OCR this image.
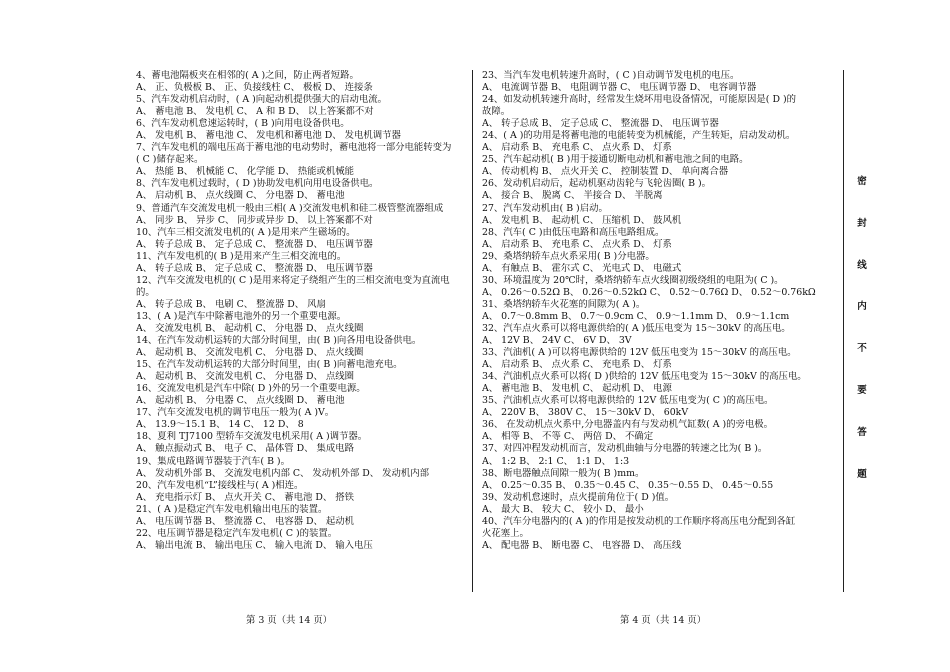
4、蓄电池隔板夹在相邻的( A )之间，防止两者短路。
A、 正、负极板 B、 正、负接线柱 C、 极板 D、 连接条
5、汽车发动机启动时，( A )向起动机提供强大的启动电流。
A、 蓄电池 B、 发电机 C、 A 和 B D、 以上答案都不对
6、汽车发动机怠速运转时，( B )向用电设备供电。
A、 发电机 B、 蓄电池 C、 发电机和蓄电池 D、 发电机调节器
7、汽车发电机的端电压高于蓄电池的电动势时，蓄电池将一部分电能转变为
( C )储存起来。
A、 热能 B、 机械能 C、 化学能 D、 热能或机械能
8、汽车发电机过载时，( D )协助发电机向用电设备供电。
A、 启动机 B、 点火线圈 C、 分电器 D、 蓄电池
9、普通汽车交流发电机一般由三相( A )交流发电机和硅二极管整流器组成
A、 同步 B、 异步 C、 同步或异步 D、 以上答案都不对
10、汽车三相交流发电机的( A )是用来产生磁场的。
A、 转子总成 B、 定子总成 C、 整流器 D、 电压调节器
11、汽车发电机的( B )是用来产生三相交流电的。
A、 转子总成 B、 定子总成 C、 整流器 D、 电压调节器
12、汽车交流发电机的( C )是用来将定子绕组产生的三相交流电变为直流电
的。
A、 转子总成 B、 电刷 C、 整流器 D、 风扇
13、( A )是汽车中除蓄电池外的另一个重要电源。
A、 交流发电机 B、 起动机 C、 分电器 D、 点火线圈
14、在汽车发动机运转的大部分时间里，由( B )向各用电设备供电。
A、 起动机 B、 交流发电机 C、 分电器 D、 点火线圈
15、在汽车发动机运转的大部分时间里，由( B )向蓄电池充电。
A、 起动机 B、 交流发电机 C、 分电器 D、 点线圈
16、交流发电机是汽车中除( D )外的另一个重要电源。
A、 起动机 B、 分电器 C、 点火线圈 D、 蓄电池
17、汽车交流发电机的调节电压一般为( A )V。
A、 13.9～15.1 B、 14 C、 12 D、 8
18、夏利 TJ7100 型轿车交流发电机采用( A )调节器。
A、 触点振动式 B、 电子 C、 晶体管 D、 集成电路
19、集成电路调节器装于汽车( B )。
A、 发动机外部 B、 交流发电机内部 C、 发动机外部 D、 发动机内部
20、汽车发电机“L”接线柱与( A )相连。
A、 充电指示灯 B、 点火开关 C、 蓄电池 D、 搭铁
21、( A )是稳定汽车发电机输出电压的装置。
A、 电压调节器 B、 整流器 C、 电容器 D、 起动机
22、电压调节器是稳定汽车发电机( C )的装置。
A、 输出电流 B、 输出电压 C、 输入电流 D、 输入电压
23、当汽车发电机转速升高时，( C )自动调节发电机的电压。
A、 电流调节器 B、 电阻调节器 C、 电压调节器 D、 电容调节器
24、如发动机转速升高时，经常发生烧坏用电设备情况，可能原因是( D )的
故障。
A、 转子总成 B、 定子总成 C、 整流器 D、 电压调节器
24、( A )的功用是将蓄电池的电能转变为机械能，产生转矩，启动发动机。
A、 启动系 B、 充电系 C、 点火系 D、 灯系
25、汽车起动机( B )用于接通切断电动机和蓄电池之间的电路。
A、 传动机构 B、 点火开关 C、 控制装置 D、 单向离合器
26、发动机启动后，起动机驱动齿轮与飞轮齿圈( B )。
A、 接合 B、 脱离 C、 半接合 D、 半脱离
27、汽车发动机由( B )启动。
A、 发电机 B、 起动机 C、 压缩机 D、 鼓风机
28、汽车( C )由低压电路和高压电路组成。
A、 启动系 B、 充电系 C、 点火系 D、 灯系
29、桑塔纳轿车点火系采用( B )分电器。
A、 有触点 B、 霍尔式 C、 光电式 D、 电磁式
30、环境温度为 20℃时，桑塔纳轿车点火线圈初级绕组的电阻为( C )。
A、 0.26～0.52Ω B、 0.26～0.52kΩ C、 0.52～0.76Ω D、 0.52～0.76kΩ
31、桑塔纳轿车火花塞的间隙为( A )。
A、 0.7～0.8mm B、 0.7～0.9cm C、 0.9～1.1mm D、 0.9～1.1cm
32、汽车点火系可以将电源供给的( A )低压电变为 15～30kV 的高压电。
A、 12V B、 24V C、 6V D、 3V
33、汽油机( A )可以将电源供给的 12V 低压电变为 15～30kV 的高压电。
A、 启动系 B、 点火系 C、 充电系 D、 灯系
34、汽油机点火系可以将( D )供给的 12V 低压电变为 15～30kV 的高压电。
A、 蓄电池 B、 发电机 C、 起动机 D、 电源
35、汽油机点火系可以将电源供给的 12V 低压电变为( C )的高压电。
A、 220V B、 380V C、 15～30kV D、 60kV
36、 在发动机点火系中,分电器盖内有与发动机气缸数( A )的旁电极。
A、 相等 B、 不等 C、 两倍 D、 不确定
37、对四冲程发动机而言，发动机曲轴与分电器的转速之比为( B )。
A、 1:2 B、 2:1 C、 1:1 D、 1:3
38、断电器触点间隙一般为( B )mm。
A、 0.25～0.35 B、 0.35～0.45 C、 0.35～0.55 D、 0.45～0.55
39、发动机怠速时，点火提前角位于( D )值。
A、 最大 B、 较大 C、 较小 D、 最小
40、汽车分电器内的( A )的作用是按发动机的工作顺序将高压电分配到各缸
火花塞上。
A、 配电器 B、 断电器 C、 电容器 D、 高压线
第 3 页（共 14 页）	第 4 页（共 14 页）
密
封
线
内
不
要
答
题
